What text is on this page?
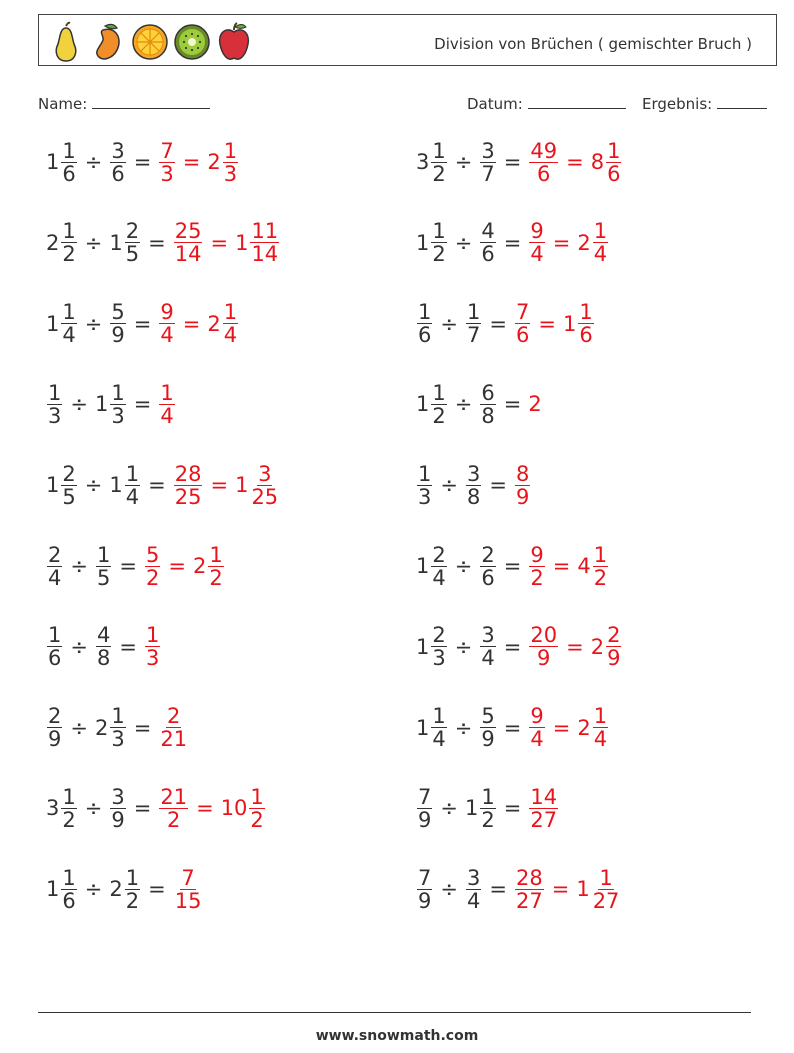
Division von Brüchen ( gemischter Bruch )
Name:	Datum:	Ergebnis:
$1 \frac{1}{6} \div \frac{3}{6} = \frac{7}{3} = 2 \frac{1}{3}$	$3 \frac{1}{2} \div \frac{3}{7} = \frac{49}{6} = 8 \frac{1}{6}$
$2 \frac{1}{2} \div 1 \frac{2}{5} = \frac{25}{14} = 1 \frac{11}{14}$	$1 \frac{1}{2} \div \frac{4}{6} = \frac{9}{4} = 2 \frac{1}{4}$
$1 \frac{1}{4} \div \frac{5}{9} = \frac{9}{4} = 2 \frac{1}{4}$	$\frac{1}{6} \div \frac{1}{7} = \frac{7}{6} = 1 \frac{1}{6}$
$\frac{1}{3} \div 1 \frac{1}{3} = \frac{1}{4}$	$1 \frac{1}{2} \div \frac{6}{8} = 2$
$1 \frac{2}{5} \div 1 \frac{1}{4} = \frac{28}{25} = 1 \frac{3}{25}$	$\frac{1}{3} \div \frac{3}{8} = \frac{8}{9}$
$\frac{2}{4} \div \frac{1}{5} = \frac{5}{2} = 2 \frac{1}{2}$	$1 \frac{2}{4} \div \frac{2}{6} = \frac{9}{2} = 4 \frac{1}{2}$
$\frac{1}{6} \div \frac{4}{8} = \frac{1}{3}$	$1 \frac{2}{3} \div \frac{3}{4} = \frac{20}{9} = 2 \frac{2}{9}$
$\frac{2}{9} \div 2 \frac{1}{3} = \frac{2}{21}$	$1 \frac{1}{4} \div \frac{5}{9} = \frac{9}{4} = 2 \frac{1}{4}$
$3 \frac{1}{2} \div \frac{3}{9} = \frac{21}{2} = 10 \frac{1}{2}$	$\frac{7}{9} \div 1 \frac{1}{2} = \frac{14}{27}$
$1 \frac{1}{6} \div 2 \frac{1}{2} = \frac{7}{15}$	$\frac{7}{9} \div \frac{3}{4} = \frac{28}{27} = 1 \frac{1}{27}$
www.snowmath.com
